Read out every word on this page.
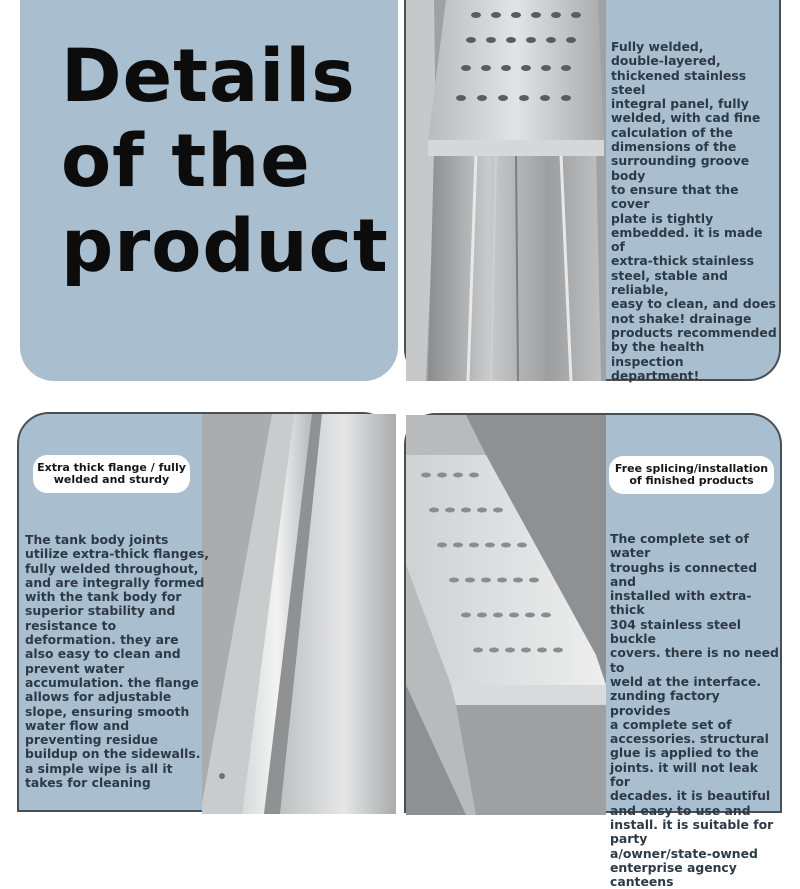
Details
of the
product

Fully welded,
double-layered,
thickened stainless steel
integral panel, fully
welded, with cad fine
calculation of the
dimensions of the
surrounding groove body
to ensure that the cover
plate is tightly
embedded. it is made of
extra-thick stainless
steel, stable and reliable,
easy to clean, and does
not shake! drainage
products recommended
by the health inspection
department!

Extra thick flange / fully
welded and sturdy

The tank body joints
utilize extra-thick flanges,
fully welded throughout,
and are integrally formed
with the tank body for
superior stability and
resistance to
deformation. they are
also easy to clean and
prevent water
accumulation. the flange
allows for adjustable
slope, ensuring smooth
water flow and
preventing residue
buildup on the sidewalls.
a simple wipe is all it
takes for cleaning

Free splicing/installation
of finished products

The complete set of water
troughs is connected and
installed with extra-thick
304 stainless steel buckle
covers. there is no need to
weld at the interface.
zunding factory provides
a complete set of
accessories. structural
glue is applied to the
joints. it will not leak for
decades. it is beautiful
and easy to use and
install. it is suitable for
party
a/owner/state-owned
enterprise agency
canteens
